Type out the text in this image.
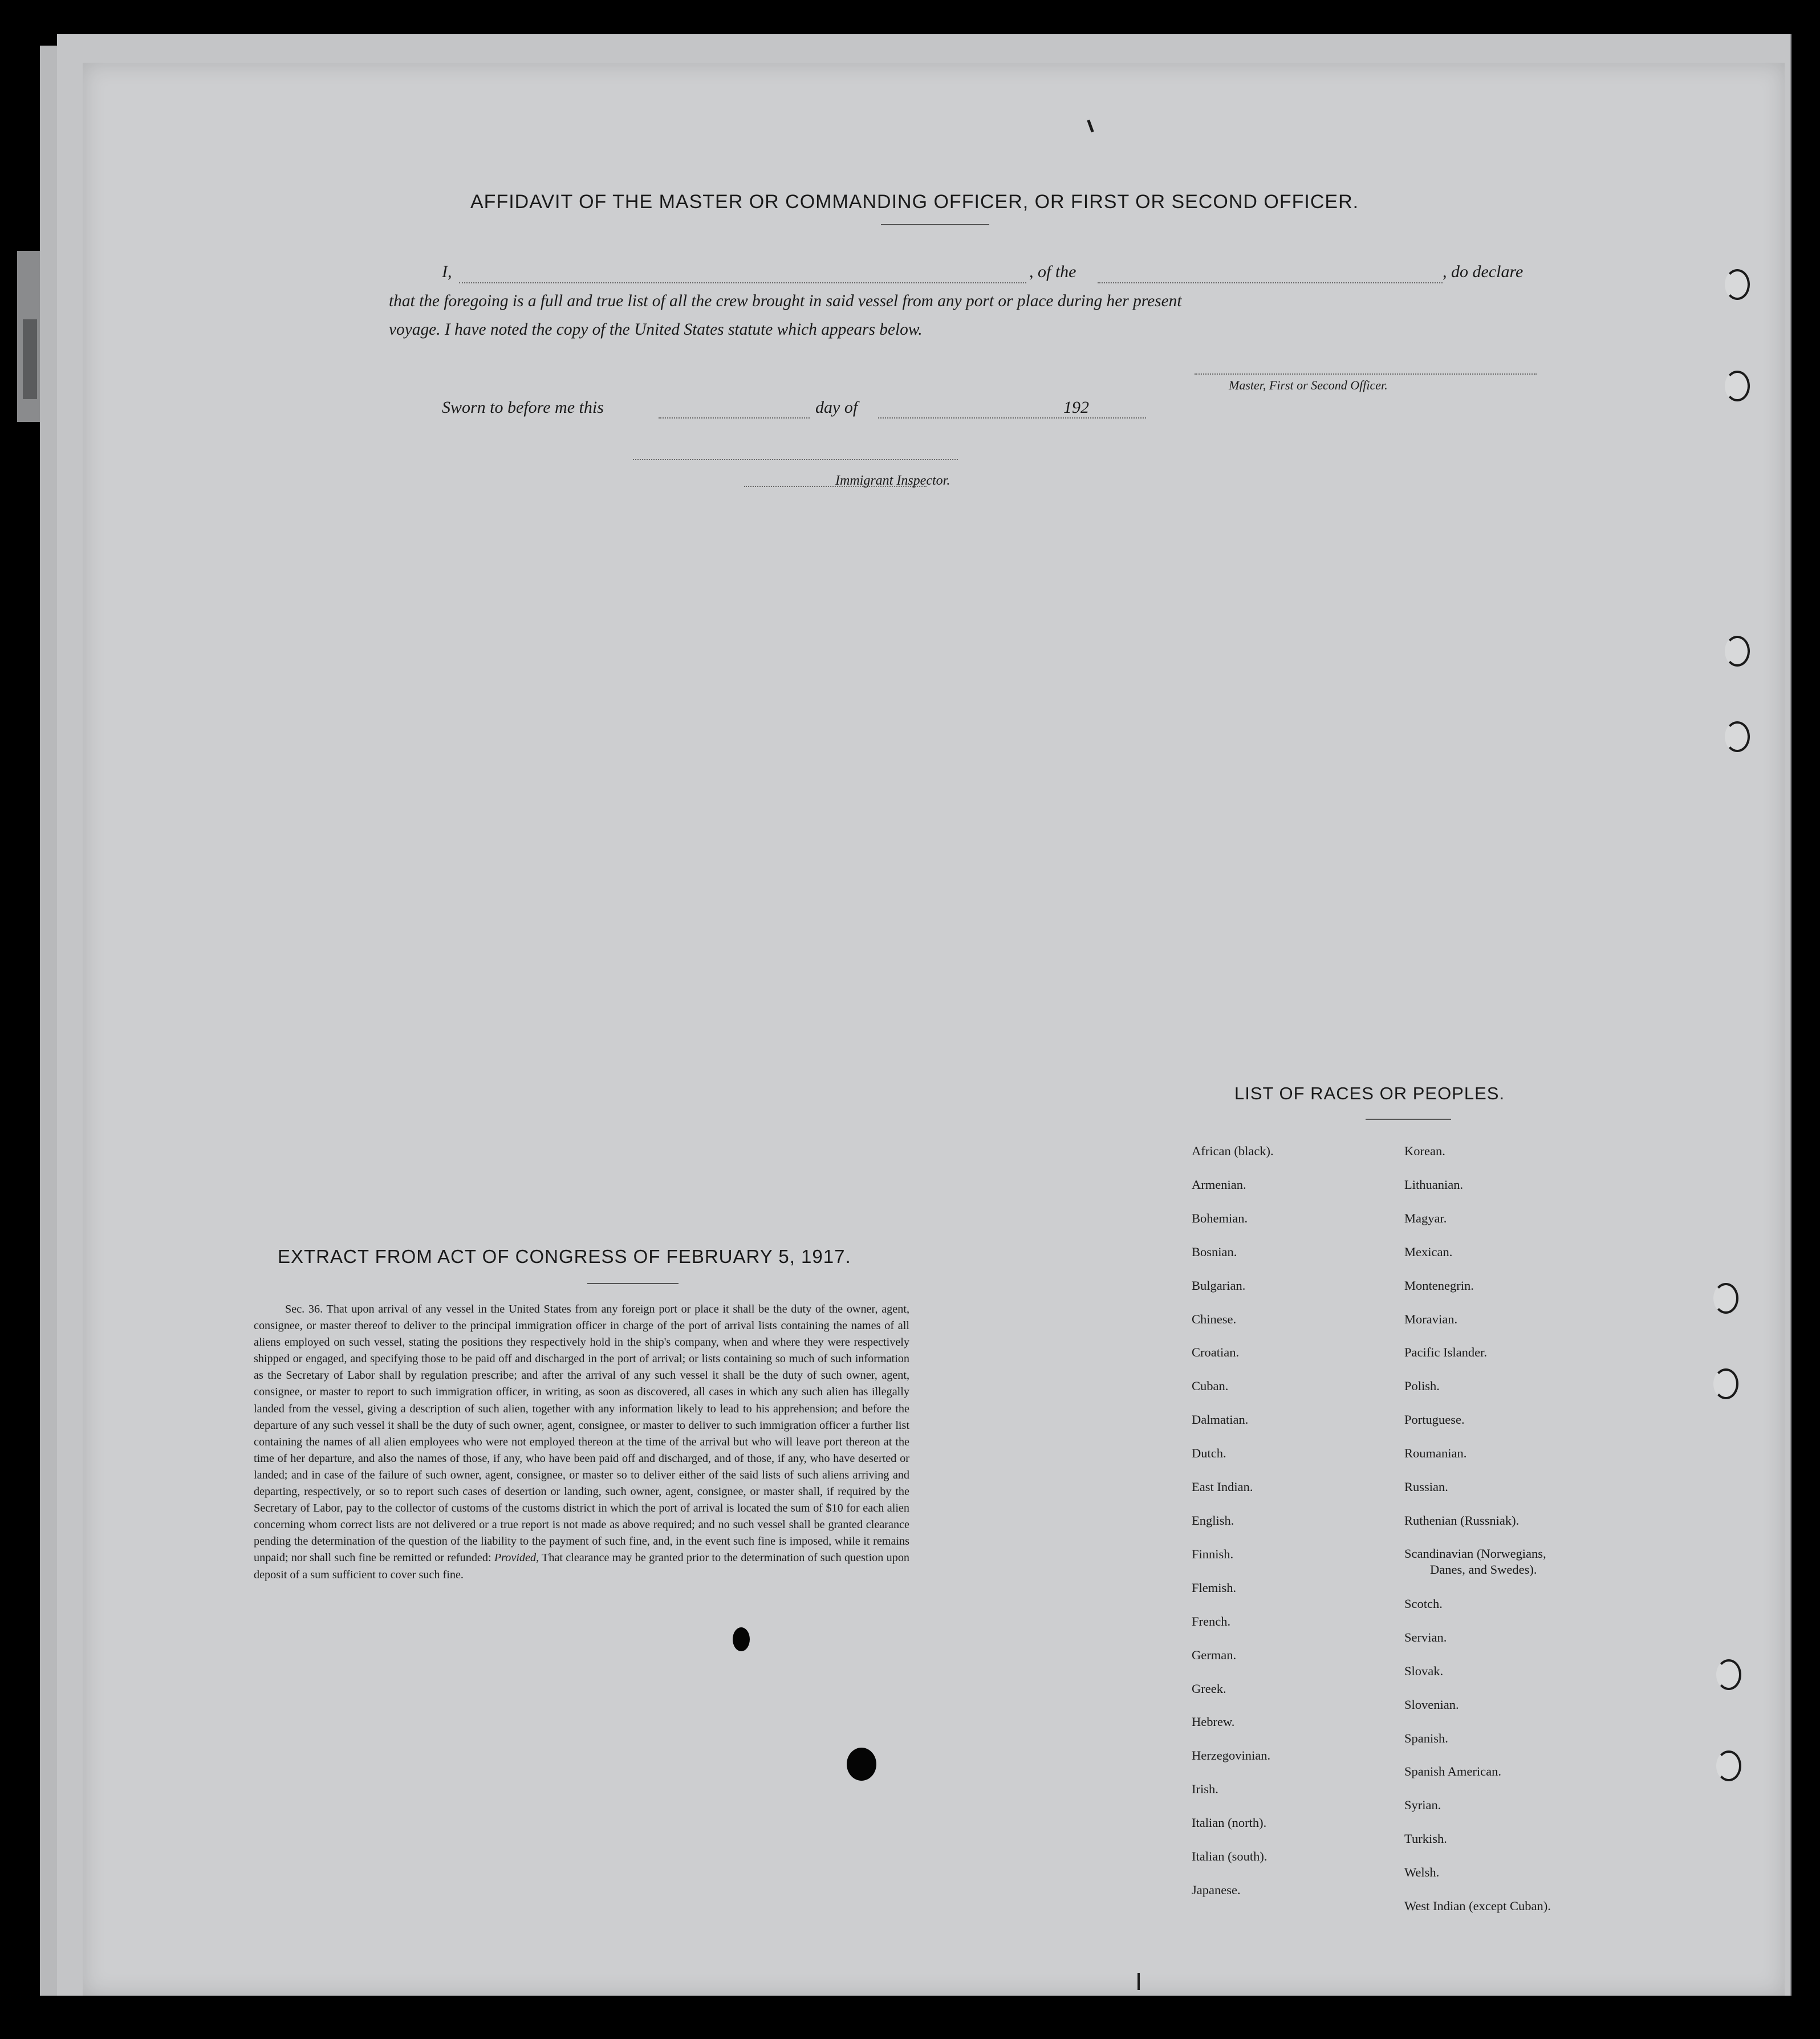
AFFIDAVIT OF THE MASTER OR COMMANDING OFFICER, OR FIRST OR SECOND OFFICER.
I,	, of the	, do declare
that the foregoing is a full and true list of all the crew brought in said vessel from any port or place during her present
voyage. I have noted the copy of the United States statute which appears below.
Master, First or Second Officer.
Sworn to before me this	day of	192
Immigrant Inspector.
EXTRACT FROM ACT OF CONGRESS OF FEBRUARY 5, 1917.
Sec. 36. That upon arrival of any vessel in the United States from any foreign port or place it shall be the duty of the owner, agent, consignee, or master thereof to deliver to the principal immigration officer in charge of the port of arrival lists containing the names of all aliens employed on such vessel, stating the positions they respectively hold in the ship's company, when and where they were respectively shipped or engaged, and specifying those to be paid off and discharged in the port of arrival; or lists containing so much of such information as the Secretary of Labor shall by regulation prescribe; and after the arrival of any such vessel it shall be the duty of such owner, agent, consignee, or master to report to such immigration officer, in writing, as soon as discovered, all cases in which any such alien has illegally landed from the vessel, giving a description of such alien, together with any information likely to lead to his apprehension; and before the departure of any such vessel it shall be the duty of such owner, agent, consignee, or master to deliver to such immigration officer a further list containing the names of all alien employees who were not employed thereon at the time of the arrival but who will leave port thereon at the time of her departure, and also the names of those, if any, who have been paid off and discharged, and of those, if any, who have deserted or landed; and in case of the failure of such owner, agent, consignee, or master so to deliver either of the said lists of such aliens arriving and departing, respectively, or so to report such cases of desertion or landing, such owner, agent, consignee, or master shall, if required by the Secretary of Labor, pay to the collector of customs of the customs district in which the port of arrival is located the sum of $10 for each alien concerning whom correct lists are not delivered or a true report is not made as above required; and no such vessel shall be granted clearance pending the determination of the question of the liability to the payment of such fine, and, in the event such fine is imposed, while it remains unpaid; nor shall such fine be remitted or refunded: Provided, That clearance may be granted prior to the determination of such question upon deposit of a sum sufficient to cover such fine.
LIST OF RACES OR PEOPLES.
African (black).
Armenian.
Bohemian.
Bosnian.
Bulgarian.
Chinese.
Croatian.
Cuban.
Dalmatian.
Dutch.
East Indian.
English.
Finnish.
Flemish.
French.
German.
Greek.
Hebrew.
Herzegovinian.
Irish.
Italian (north).
Italian (south).
Japanese.
Korean.
Lithuanian.
Magyar.
Mexican.
Montenegrin.
Moravian.
Pacific Islander.
Polish.
Portuguese.
Roumanian.
Russian.
Ruthenian (Russniak).
Scandinavian (Norwegians,
Danes, and Swedes).
Scotch.
Servian.
Slovak.
Slovenian.
Spanish.
Spanish American.
Syrian.
Turkish.
Welsh.
West Indian (except Cuban).
